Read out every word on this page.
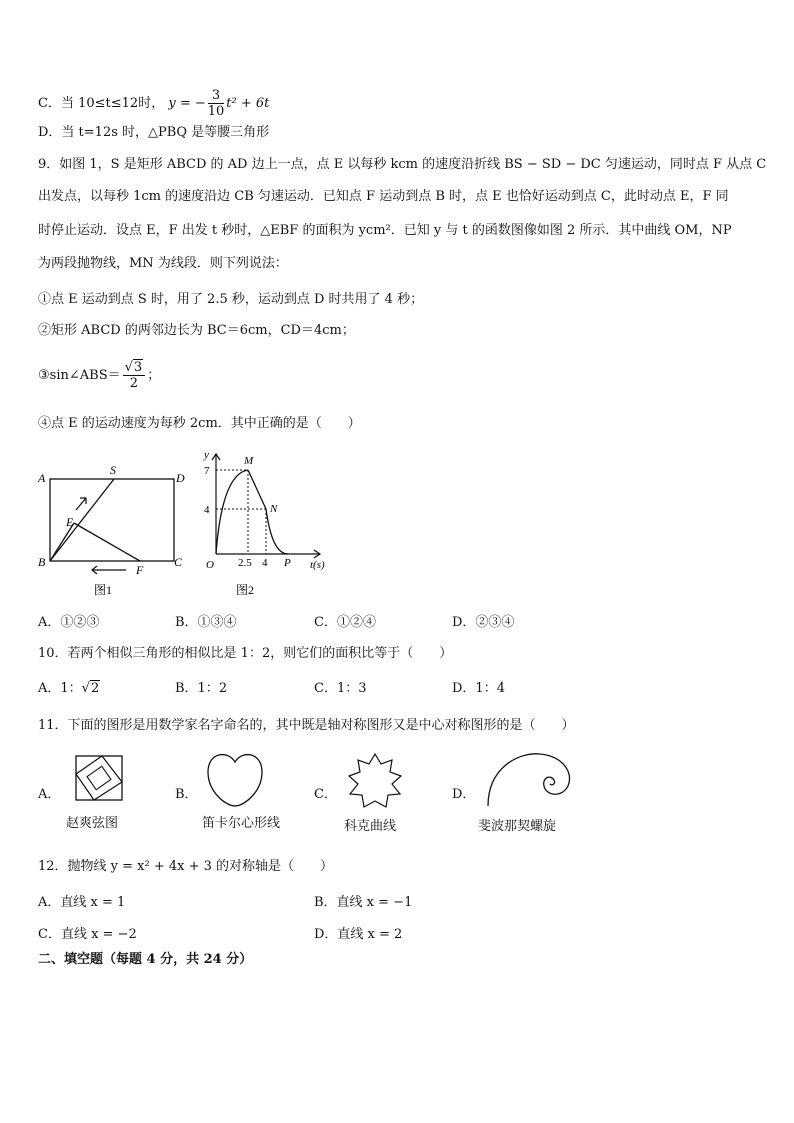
C．当 10≤t≤12时， y = − $\frac{3}{10} t^2 + 6t$
D．当 t=12s 时，△PBQ 是等腰三角形
9．如图 1，S 是矩形 ABCD 的 AD 边上一点，点 E 以每秒 kcm 的速度沿折线 BS − SD − DC 匀速运动，同时点 F 从点 C
出发点，以每秒 1cm 的速度沿边 CB 匀速运动．已知点 F 运动到点 B 时，点 E 也恰好运动到点 C，此时动点 E，F 同
时停止运动．设点 E，F 出发 t 秒时，△EBF 的面积为 ycm²．已知 y 与 t 的函数图像如图 2 所示．其中曲线 OM，NP
为两段抛物线，MN 为线段．则下列说法：
①点 E 运动到点 S 时，用了 2.5 秒，运动到点 D 时共用了 4 秒；
②矩形 ABCD 的两邻边长为 BC＝6cm，CD＝4cm；
③sin∠ABS＝ $\frac{√3}{2}$ ；
④点 E 的运动速度为每秒 2cm．其中正确的是（　　）
A
S
D
E
B
F
C
图1
y
7
4
M
N
O 2.5 4 P t(s)
图2
A．①②③	B．①③④	C．①②④	D．②③④
10．若两个相似三角形的相似比是 1：2，则它们的面积比等于（　　）
A．1：√2	B．1：2	C．1：3	D．1：4
11．下面的图形是用数学家名字命名的，其中既是轴对称图形又是中心对称图形的是（　　）
A．
赵爽弦图
B．
笛卡尔心形线
C．
科克曲线
D．
斐波那契螺旋
12．抛物线 y = x² + 4x + 3 的对称轴是（　　）
A．直线 x = 1	B．直线 x = −1
C．直线 x = −2	D．直线 x = 2
二、填空题（每题 4 分，共 24 分）
